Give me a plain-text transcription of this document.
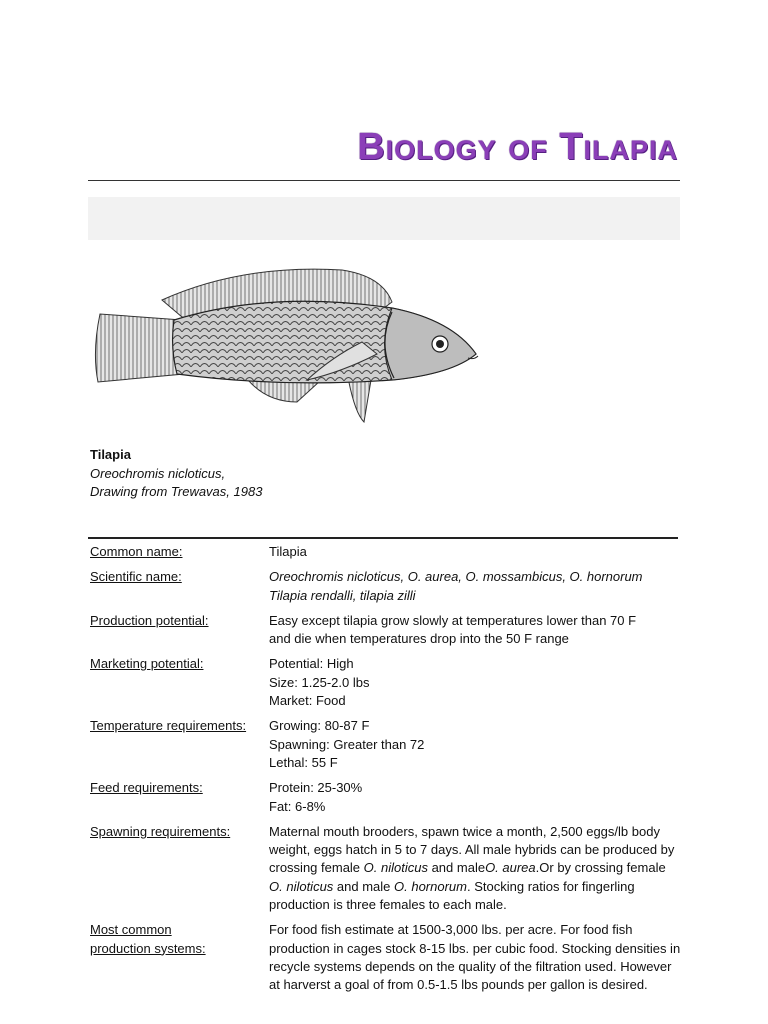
Biology of Tilapia
Tilapia
Oreochromis nicloticus,
Drawing from Trewavas, 1983
Common name:	Tilapia
Scientific name:	Oreochromis nicloticus, O. aurea, O. mossambicus, O. hornorum
Tilapia rendalli, tilapia zilli

Production potential:	Easy except tilapia grow slowly at temperatures lower than 70 F
and die when temperatures drop into the 50 F range

Marketing potential:	Potential: High
Size: 1.25-2.0 lbs
Market: Food

Temperature requirements:	Growing: 80-87 F
Spawning: Greater than 72
Lethal: 55 F

Feed requirements:	Protein: 25-30%
Fat: 6-8%

Spawning requirements:	Maternal mouth brooders, spawn twice a month, 2,500 eggs/lb body weight, eggs hatch in 5 to 7 days. All male hybrids can be produced by crossing female O. niloticus and maleO. aurea.Or by crossing female O. niloticus and male O. hornorum. Stocking ratios for fingerling production is three females to each male.
Most common
production systems:	For food fish estimate at 1500-3,000 lbs. per acre. For food fish production in cages stock 8-15 lbs. per cubic food. Stocking densities in recycle systems depends on the quality of the filtration used. However at harverst a goal of from 0.5-1.5 lbs pounds per gallon is desired.
